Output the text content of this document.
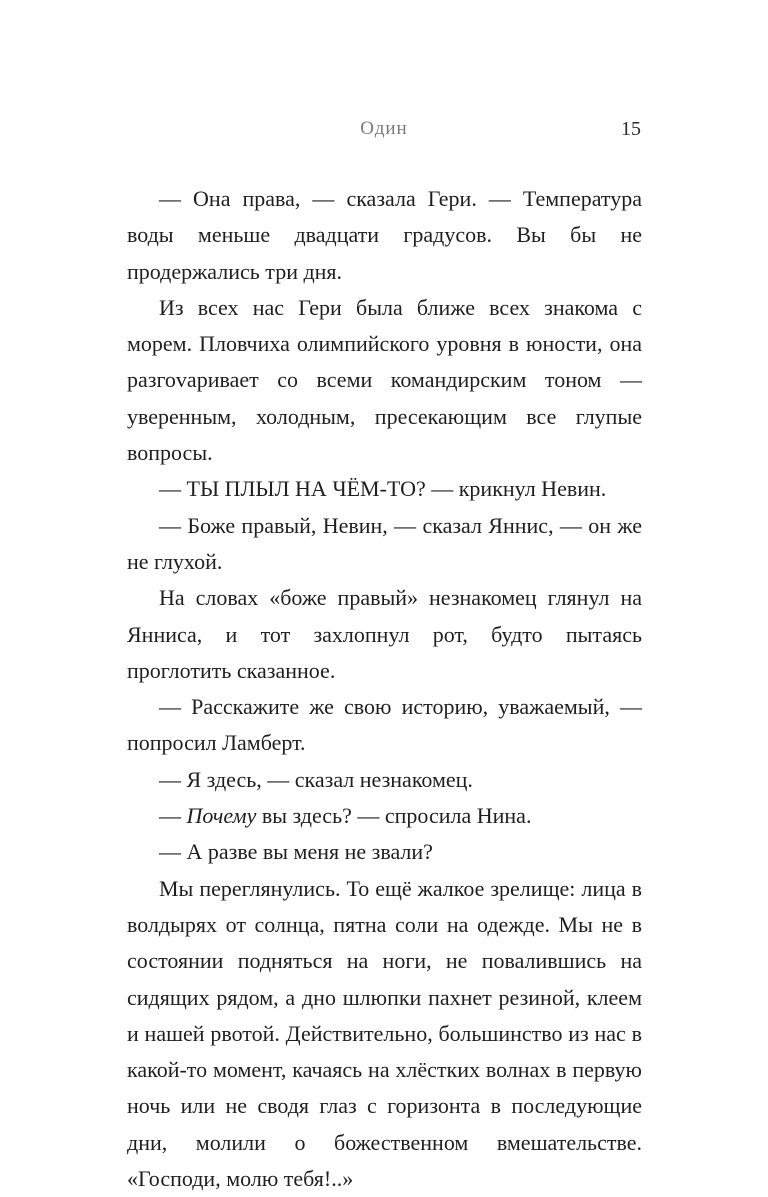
Один	15

— Она права, — сказала Гери. — Температура воды меньше двадцати градусов. Вы бы не продержались три дня.

Из всех нас Гери была ближе всех знакома с морем. Пловчиха олимпийского уровня в юности, она разгоvаривает со всеми командирским тоном — уверенным, холодным, пресекающим все глупые вопросы.

— ТЫ ПЛЫЛ НА ЧЁМ-ТО? — крикнул Невин.

— Боже правый, Невин, — сказал Яннис, — он же не глухой.

На словах «боже правый» незнакомец глянул на Янниса, и тот захлопнул рот, будто пытаясь проглотить сказанное.

— Расскажите же свою историю, уважаемый, — попросил Ламберт.

— Я здесь, — сказал незнакомец.

— Почему вы здесь? — спросила Нина.

— А разве вы меня не звали?

Мы переглянулись. То ещё жалкое зрелище: лица в волдырях от солнца, пятна соли на одежде. Мы не в состоянии подняться на ноги, не повалившись на сидящих рядом, а дно шлюпки пахнет резиной, клеем и нашей рвотой. Действительно, большинство из нас в какой-то момент, качаясь на хлёстких волнах в первую ночь или не сводя глаз с горизонта в последующие дни, молили о божественном вмешательстве. «Господи, молю тебя!..»
